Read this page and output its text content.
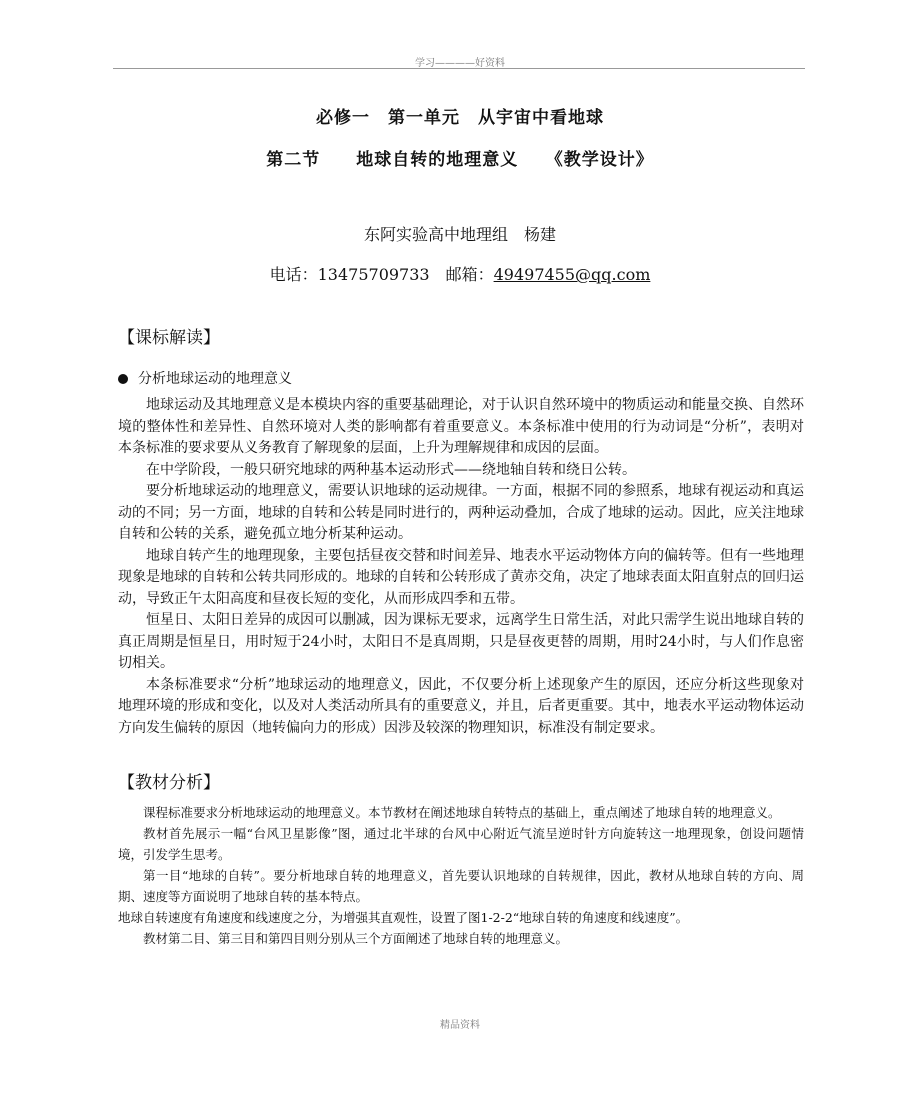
学习————好资料
必修一　第一单元　从宇宙中看地球
第二节　　地球自转的地理意义　　《教学设计》
东阿实验高中地理组　杨建
电话：13475709733　邮箱：49497455@qq.com
【课标解读】
分析地球运动的地理意义

地球运动及其地理意义是本模块内容的重要基础理论，对于认识自然环境中的物质运动和能量交换、自然环境的整体性和差异性、自然环境对人类的影响都有着重要意义。本条标准中使用的行为动词是“分析”，表明对本条标准的要求要从义务教育了解现象的层面，上升为理解规律和成因的层面。

在中学阶段，一般只研究地球的两种基本运动形式——绕地轴自转和绕日公转。

要分析地球运动的地理意义，需要认识地球的运动规律。一方面，根据不同的参照系，地球有视运动和真运动的不同；另一方面，地球的自转和公转是同时进行的，两种运动叠加，合成了地球的运动。因此，应关注地球自转和公转的关系，避免孤立地分析某种运动。

地球自转产生的地理现象，主要包括昼夜交替和时间差异、地表水平运动物体方向的偏转等。但有一些地理现象是地球的自转和公转共同形成的。地球的自转和公转形成了黄赤交角，决定了地球表面太阳直射点的回归运动，导致正午太阳高度和昼夜长短的变化，从而形成四季和五带。

恒星日、太阳日差异的成因可以删减，因为课标无要求，远离学生日常生活，对此只需学生说出地球自转的真正周期是恒星日，用时短于24小时，太阳日不是真周期，只是昼夜更替的周期，用时24小时，与人们作息密切相关。

本条标准要求“分析”地球运动的地理意义，因此，不仅要分析上述现象产生的原因，还应分析这些现象对地理环境的形成和变化，以及对人类活动所具有的重要意义，并且，后者更重要。其中，地表水平运动物体运动方向发生偏转的原因（地转偏向力的形成）因涉及较深的物理知识，标准没有制定要求。

【教材分析】

课程标准要求分析地球运动的地理意义。本节教材在阐述地球自转特点的基础上，重点阐述了地球自转的地理意义。

教材首先展示一幅“台风卫星影像”图，通过北半球的台风中心附近气流呈逆时针方向旋转这一地理现象，创设问题情境，引发学生思考。

第一目“地球的自转”。要分析地球自转的地理意义，首先要认识地球的自转规律，因此，教材从地球自转的方向、周期、速度等方面说明了地球自转的基本特点。

地球自转速度有角速度和线速度之分，为增强其直观性，设置了图1-2-2“地球自转的角速度和线速度”。

教材第二目、第三目和第四目则分别从三个方面阐述了地球自转的地理意义。

精品资料
